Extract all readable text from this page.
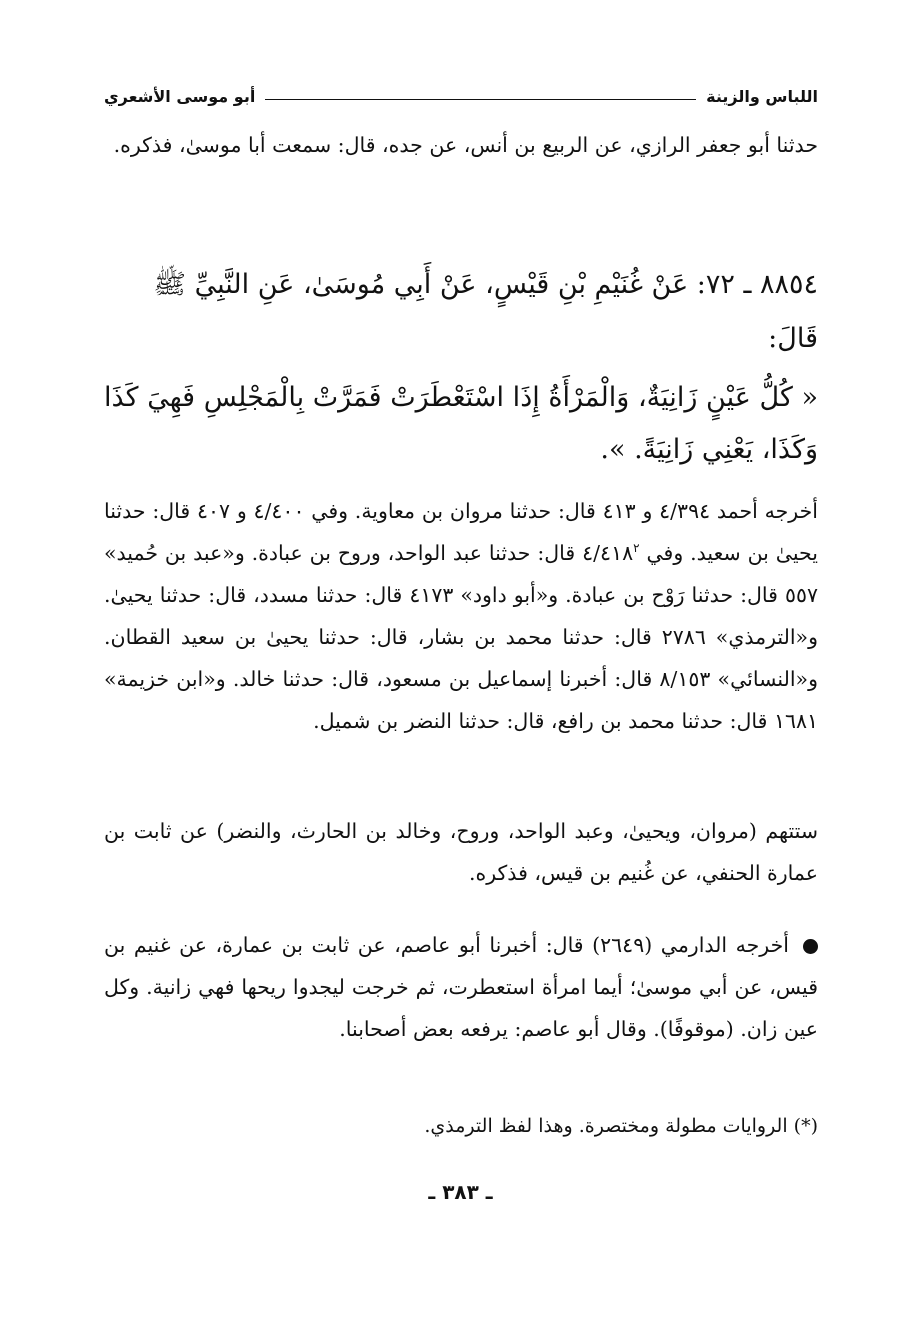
اللباس والزينة
أبو موسى الأشعري

حدثنا أبو جعفر الرازي، عن الربيع بن أنس، عن جده، قال: سمعت أبا موسىٰ، فذكره.

٨٨٥٤ ـ ٧٢: عَنْ غُنَيْمِ بْنِ قَيْسٍ، عَنْ أَبِي مُوسَىٰ، عَنِ النَّبِيِّ ﷺ قَالَ:

« كُلُّ عَيْنٍ زَانِيَةٌ، وَالْمَرْأَةُ إِذَا اسْتَعْطَرَتْ فَمَرَّتْ بِالْمَجْلِسِ فَهِيَ كَذَا وَكَذَا، يَعْنِي زَانِيَةً. ».

أخرجه أحمد ٤/٣٩٤ و ٤١٣ قال: حدثنا مروان بن معاوية. وفي ٤/٤٠٠ و ٤٠٧ قال: حدثنا يحيىٰ بن سعيد. وفي ٤/٤١٨$^٢$ قال: حدثنا عبد الواحد، وروح بن عبادة. و«عبد بن حُميد» ٥٥٧ قال: حدثنا رَوْح بن عبادة. و«أبو داود» ٤١٧٣ قال: حدثنا مسدد، قال: حدثنا يحيىٰ. و«الترمذي» ٢٧٨٦ قال: حدثنا محمد بن بشار، قال: حدثنا يحيىٰ بن سعيد القطان. و«النسائي» ٨/١٥٣ قال: أخبرنا إسماعيل بن مسعود، قال: حدثنا خالد. و«ابن خزيمة» ١٦٨١ قال: حدثنا محمد بن رافع، قال: حدثنا النضر بن شميل.

ستتهم (مروان، ويحيىٰ، وعبد الواحد، وروح، وخالد بن الحارث، والنضر) عن ثابت بن عمارة الحنفي، عن غُنيم بن قيس، فذكره.

أخرجه الدارمي (٢٦٤٩) قال: أخبرنا أبو عاصم، عن ثابت بن عمارة، عن غنيم بن قيس، عن أبي موسىٰ؛ أيما امرأة استعطرت، ثم خرجت ليجدوا ريحها فهي زانية. وكل عين زان. (موقوفًا). وقال أبو عاصم: يرفعه بعض أصحابنا.

(*) الروايات مطولة ومختصرة. وهذا لفظ الترمذي.

ـ ٣٨٣ ـ
